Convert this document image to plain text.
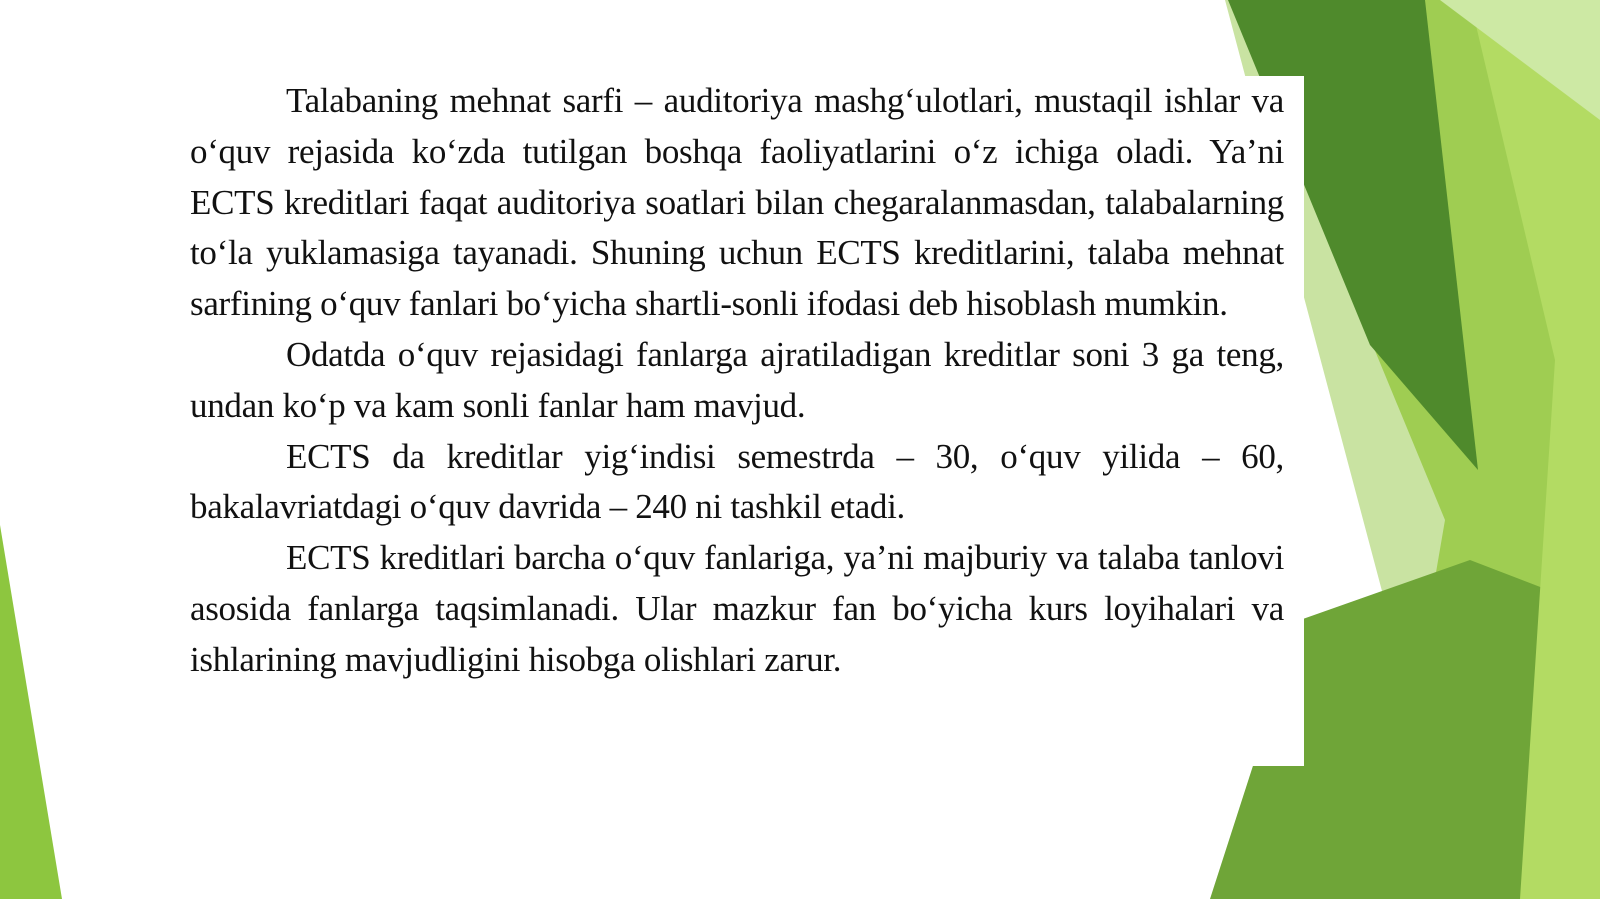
Talabaning mehnat sarfi – auditoriya mashg‘ulotlari, mustaqil ishlar va o‘quv rejasida ko‘zda tutilgan boshqa faoliyatlarini o‘z ichiga oladi. Ya’ni ECTS kreditlari faqat auditoriya soatlari bilan chegaralanmasdan, talabalarning to‘la yuklamasiga tayanadi. Shuning uchun ECTS kreditlarini, talaba mehnat sarfining o‘quv fanlari bo‘yicha shartli-sonli ifodasi deb hisoblash mumkin.

Odatda o‘quv rejasidagi fanlarga ajratiladigan kreditlar soni 3 ga teng, undan ko‘p va kam sonli fanlar ham mavjud.

ECTS da kreditlar yig‘indisi semestrda – 30, o‘quv yilida – 60, bakalavriatdagi o‘quv davrida – 240 ni tashkil etadi.

ECTS kreditlari barcha o‘quv fanlariga, ya’ni majburiy va talaba tanlovi asosida fanlarga taqsimlanadi. Ular mazkur fan bo‘yicha kurs loyihalari va ishlarining mavjudligini hisobga olishlari zarur.
